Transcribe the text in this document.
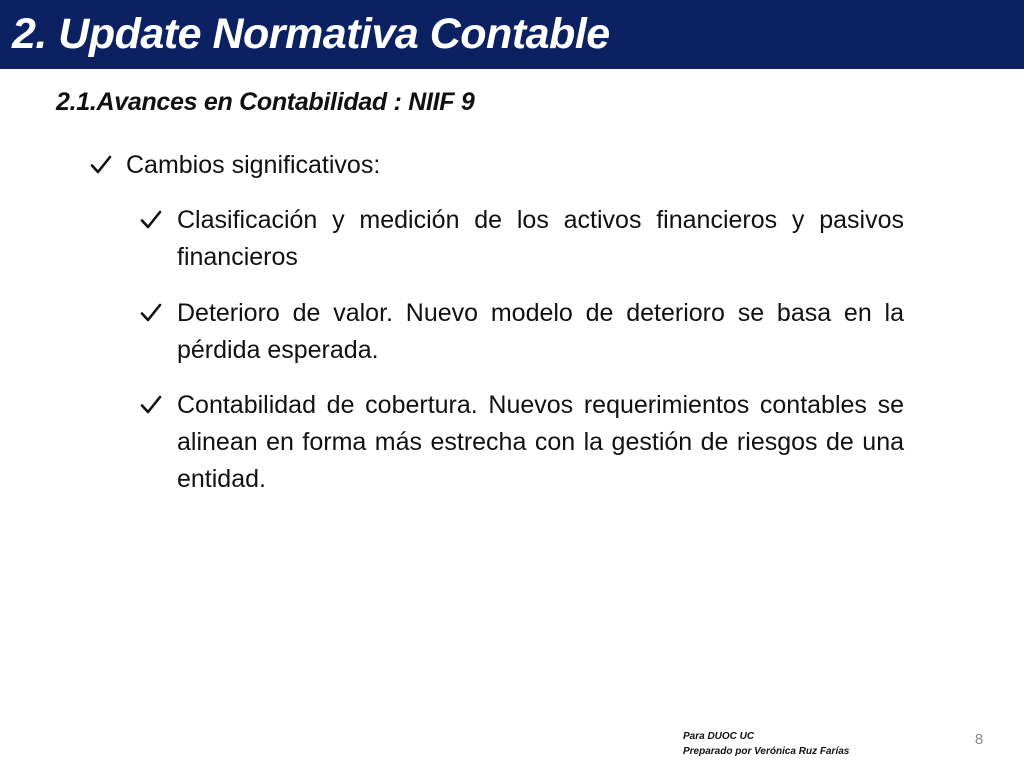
2. Update Normativa Contable
2.1.Avances en Contabilidad : NIIF 9
Cambios significativos:
Clasificación y medición de los activos financieros y pasivos financieros
Deterioro de valor. Nuevo modelo de deterioro se basa en la pérdida esperada.
Contabilidad de cobertura. Nuevos requerimientos contables se alinean en forma más estrecha con la gestión de riesgos de una entidad.
Para DUOC UC
Preparado por Verónica Ruz Farías
8
